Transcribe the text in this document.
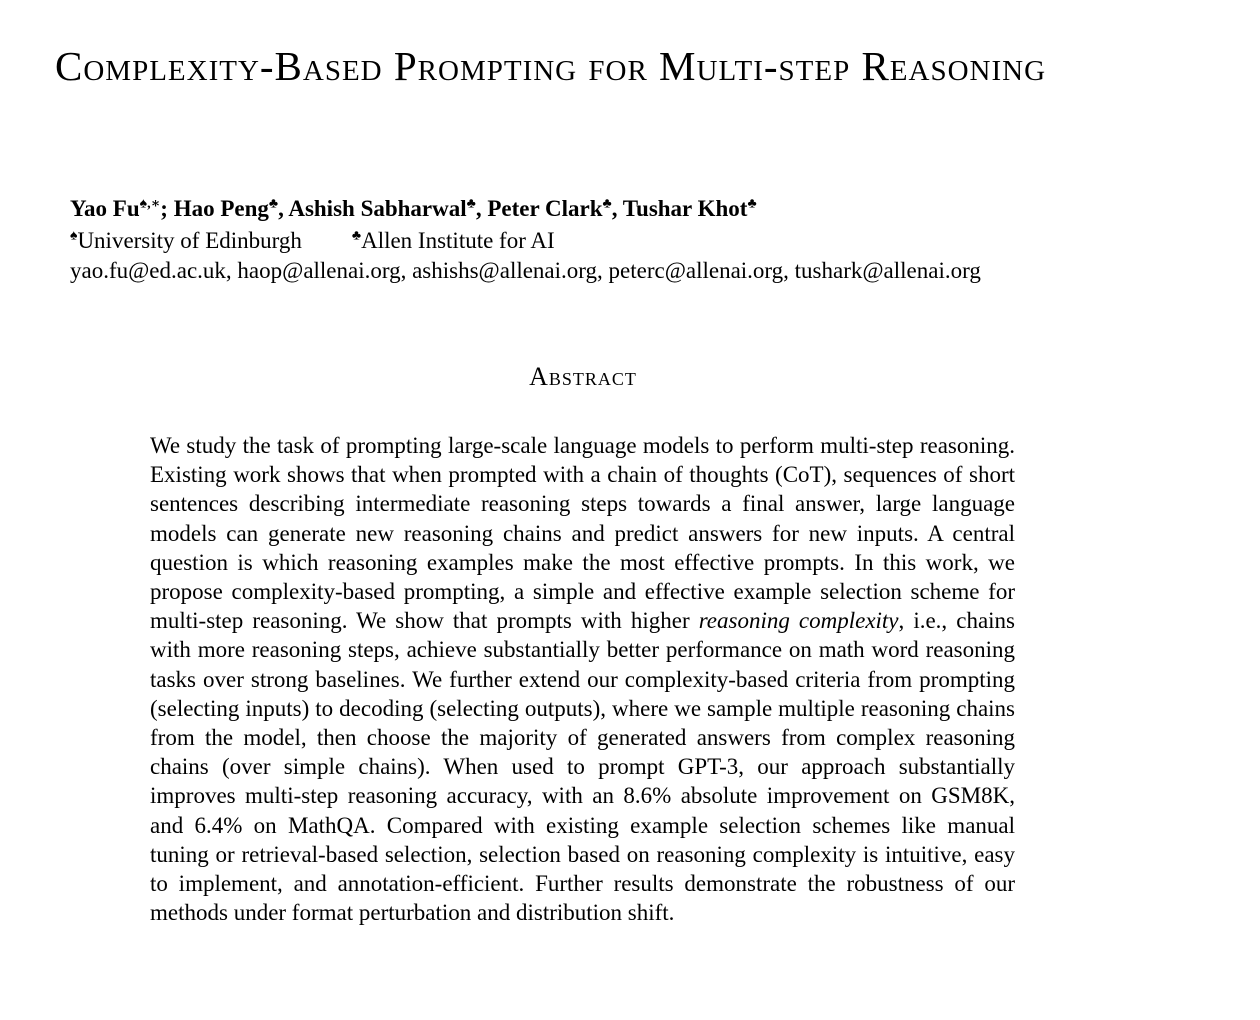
Complexity-Based Prompting for Multi-step Reasoning
Yao Fu♠,∗; Hao Peng♣, Ashish Sabharwal♣, Peter Clark♣, Tushar Khot♣
♠University of Edinburgh	♣Allen Institute for AI
yao.fu@ed.ac.uk, haop@allenai.org, ashishs@allenai.org, peterc@allenai.org, tushark@allenai.org
Abstract

We study the task of prompting large-scale language models to perform multi-step reasoning. Existing work shows that when prompted with a chain of thoughts (CoT), sequences of short sentences describing intermediate reasoning steps towards a final answer, large language models can generate new reasoning chains and predict answers for new inputs. A central question is which reasoning examples make the most effective prompts. In this work, we propose complexity-based prompting, a simple and effective example selection scheme for multi-step reasoning. We show that prompts with higher reasoning complexity, i.e., chains with more reasoning steps, achieve substantially better performance on math word reasoning tasks over strong baselines. We further extend our complexity-based criteria from prompting (selecting inputs) to decoding (selecting outputs), where we sample multiple reasoning chains from the model, then choose the majority of generated answers from complex reasoning chains (over simple chains). When used to prompt GPT-3, our approach substantially improves multi-step reasoning accuracy, with an 8.6% absolute improvement on GSM8K, and 6.4% on MathQA. Compared with existing example selection schemes like manual tuning or retrieval-based selection, selection based on reasoning complexity is intuitive, easy to implement, and annotation-efficient. Further results demonstrate the robustness of our methods under format perturbation and distribution shift.
